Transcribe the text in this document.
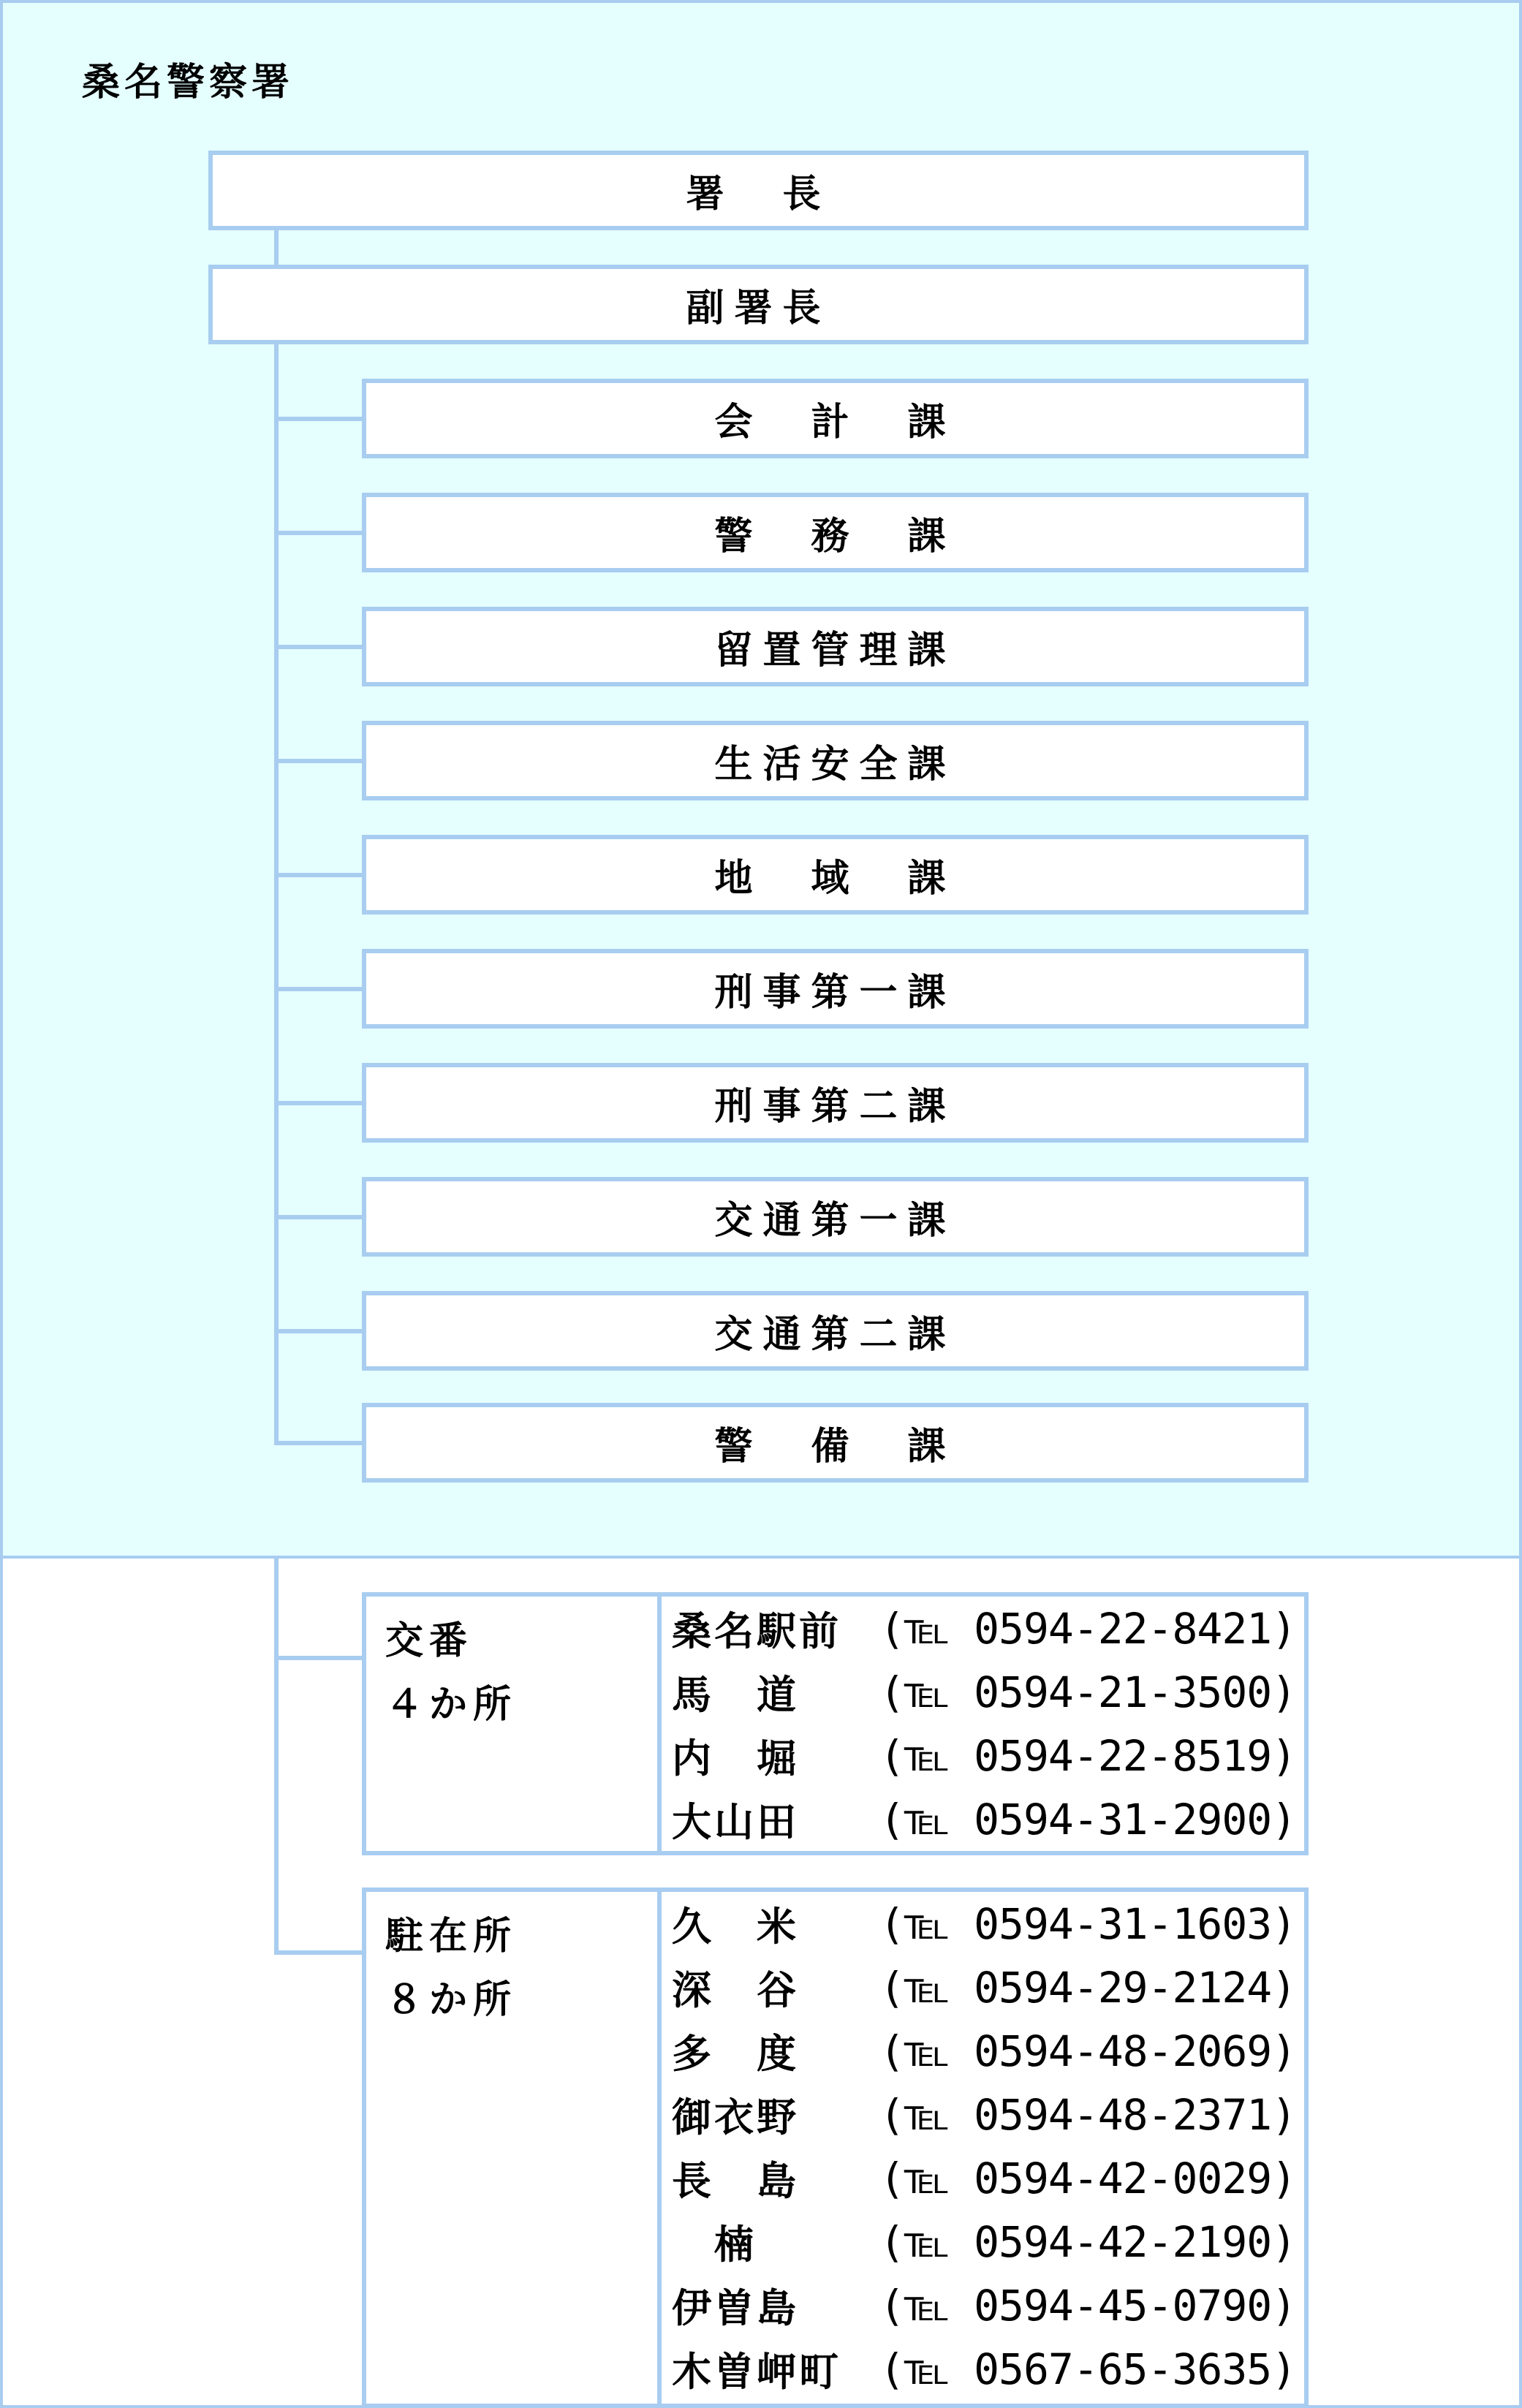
桑名警察署
署　長
副署長
会　計　課
警　務　課
留置管理課
生活安全課
地　域　課
刑事第一課
刑事第二課
交通第一課
交通第二課
警　備　課
交番
４か所
桑名駅前 (℡ 0594-22-8421)
馬　道 (℡ 0594-21-3500)
内　堀 (℡ 0594-22-8519)
大山田 (℡ 0594-31-2900)
駐在所
８か所
久　米 (℡ 0594-31-1603)
深　谷 (℡ 0594-29-2124)
多　度 (℡ 0594-48-2069)
御衣野 (℡ 0594-48-2371)
長　島 (℡ 0594-42-0029)
　楠	(℡ 0594-42-2190)
伊曽島 (℡ 0594-45-0790)
木曽岬町 (℡ 0567-65-3635)
